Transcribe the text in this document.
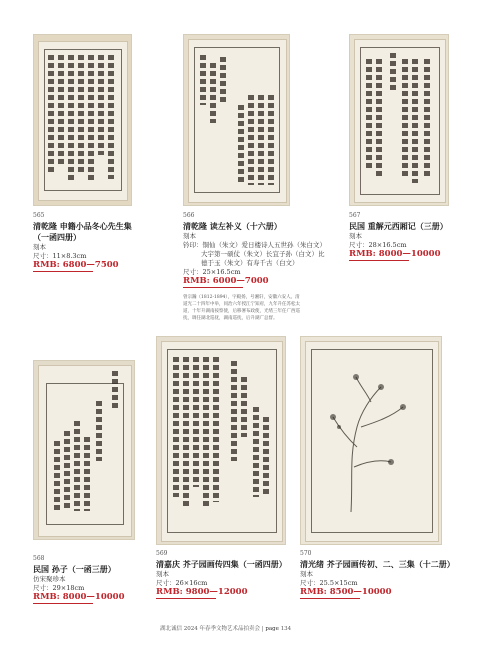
565
清乾隆 申籍小品冬心先生集
（一函四册）
刻本
尺寸：11×8.3cm
RMB: 6800—7500
566
清乾隆 读左补义（十六册）
刻本
钤印：铜仙（朱文）爱日楼诗人五世孙（朱白文）
大宇第一硕仗（朱文）长宜子孙（白文）比
德于玉（朱文）有寿千古（白文）
尺寸：25×16.5cm
RMB: 6000—7000
曾宗瀚（1812-1894），字殿扬，号湘轩，安徽六安人。清道光二十四年中举，同治六年授江宁知府，九年升任苏松太道，十年升湖南按察使，后移署布政使，光绪三年任广西巡抚，调任湖北巡抚，湖南巡抚，后升湖广总督。
567
民国 重解元西厢记（三册）
刻本
尺寸：28×16.5cm
RMB: 8000—10000
568
民国 孙子（一函三册）
仿宋聚珍本
尺寸：29×18cm
RMB: 8000—10000
569
清嘉庆 芥子园画传四集（一函四册）
刻本
尺寸：26×16cm
RMB: 9800—12000
570
清光绪 芥子园画传初、二、三集（十二册）
刻本
尺寸：25.5×15cm
RMB: 8500—10000
湖北诚信 2024 年春季文物艺术品拍卖会 | page 134
